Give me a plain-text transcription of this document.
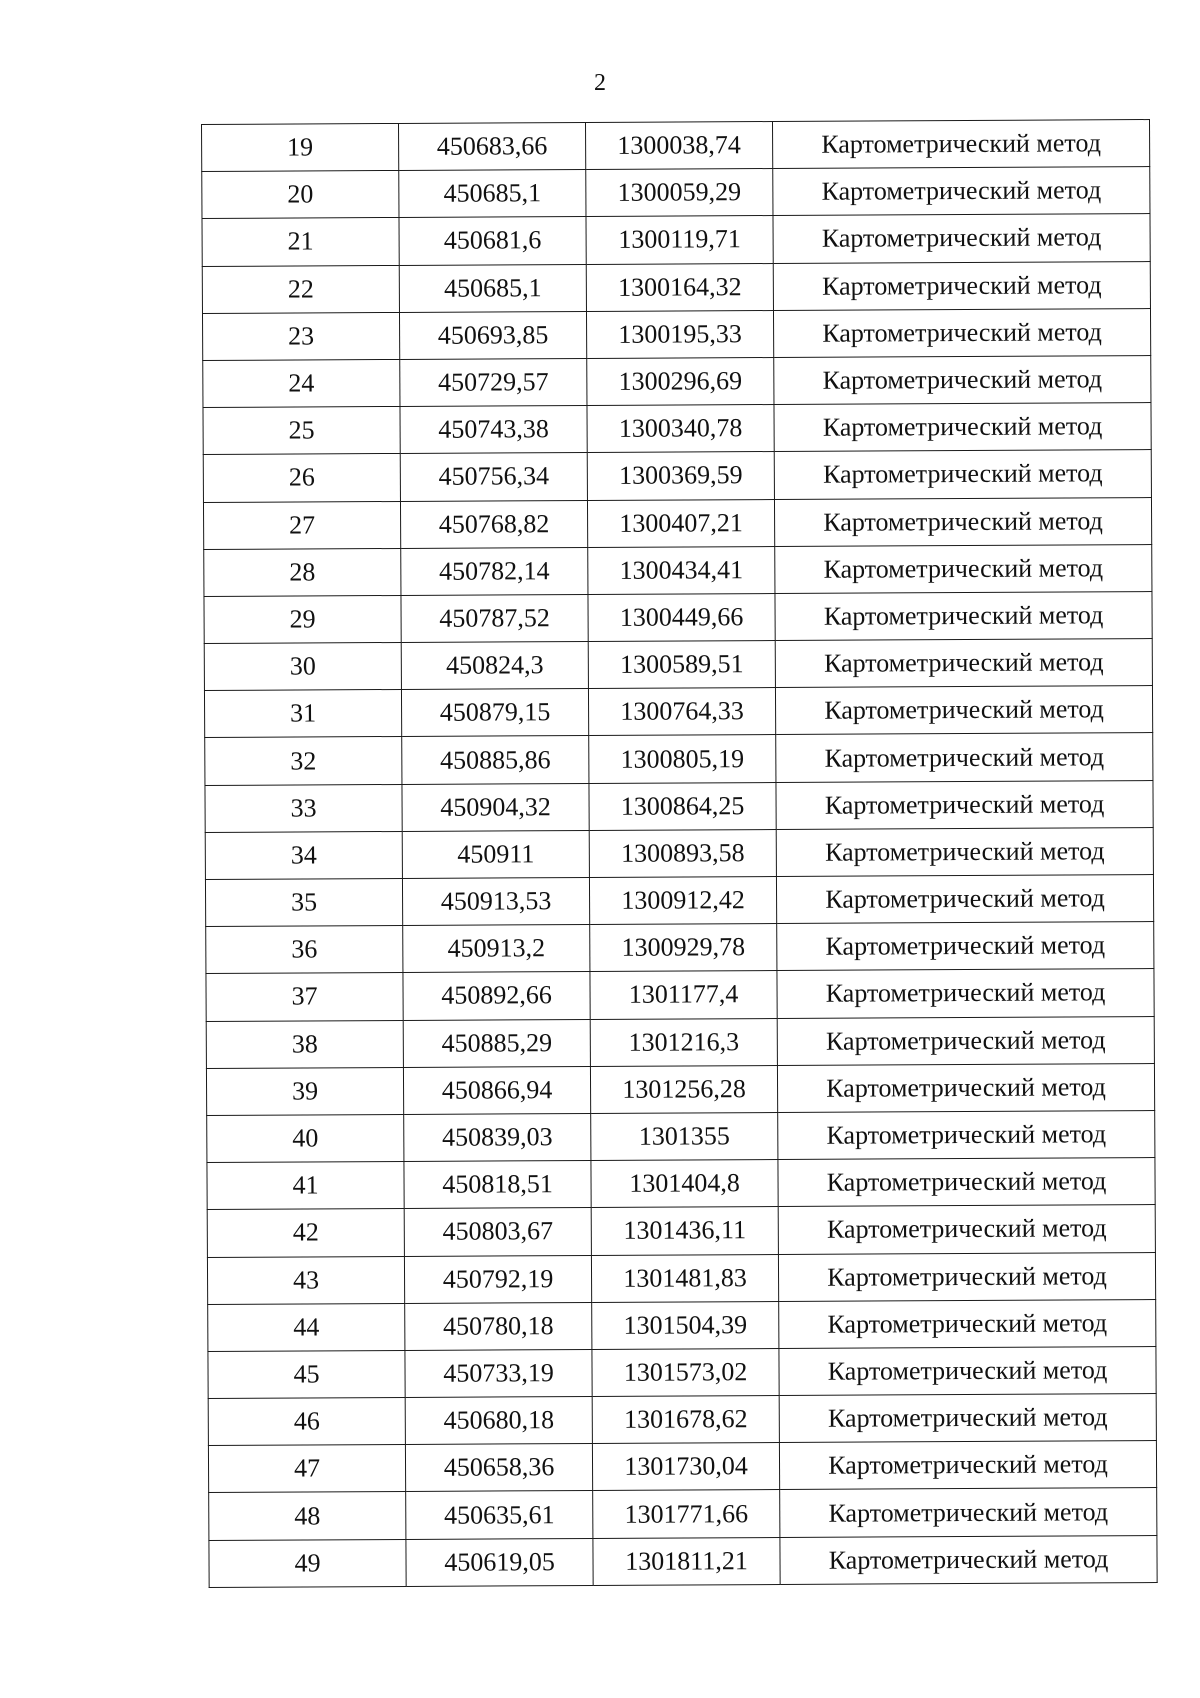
2
19	450683,66	1300038,74	Картометрический метод
20	450685,1	1300059,29	Картометрический метод
21	450681,6	1300119,71	Картометрический метод
22	450685,1	1300164,32	Картометрический метод
23	450693,85	1300195,33	Картометрический метод
24	450729,57	1300296,69	Картометрический метод
25	450743,38	1300340,78	Картометрический метод
26	450756,34	1300369,59	Картометрический метод
27	450768,82	1300407,21	Картометрический метод
28	450782,14	1300434,41	Картометрический метод
29	450787,52	1300449,66	Картометрический метод
30	450824,3	1300589,51	Картометрический метод
31	450879,15	1300764,33	Картометрический метод
32	450885,86	1300805,19	Картометрический метод
33	450904,32	1300864,25	Картометрический метод
34	450911	1300893,58	Картометрический метод
35	450913,53	1300912,42	Картометрический метод
36	450913,2	1300929,78	Картометрический метод
37	450892,66	1301177,4	Картометрический метод
38	450885,29	1301216,3	Картометрический метод
39	450866,94	1301256,28	Картометрический метод
40	450839,03	1301355	Картометрический метод
41	450818,51	1301404,8	Картометрический метод
42	450803,67	1301436,11	Картометрический метод
43	450792,19	1301481,83	Картометрический метод
44	450780,18	1301504,39	Картометрический метод
45	450733,19	1301573,02	Картометрический метод
46	450680,18	1301678,62	Картометрический метод
47	450658,36	1301730,04	Картометрический метод
48	450635,61	1301771,66	Картометрический метод
49	450619,05	1301811,21	Картометрический метод
